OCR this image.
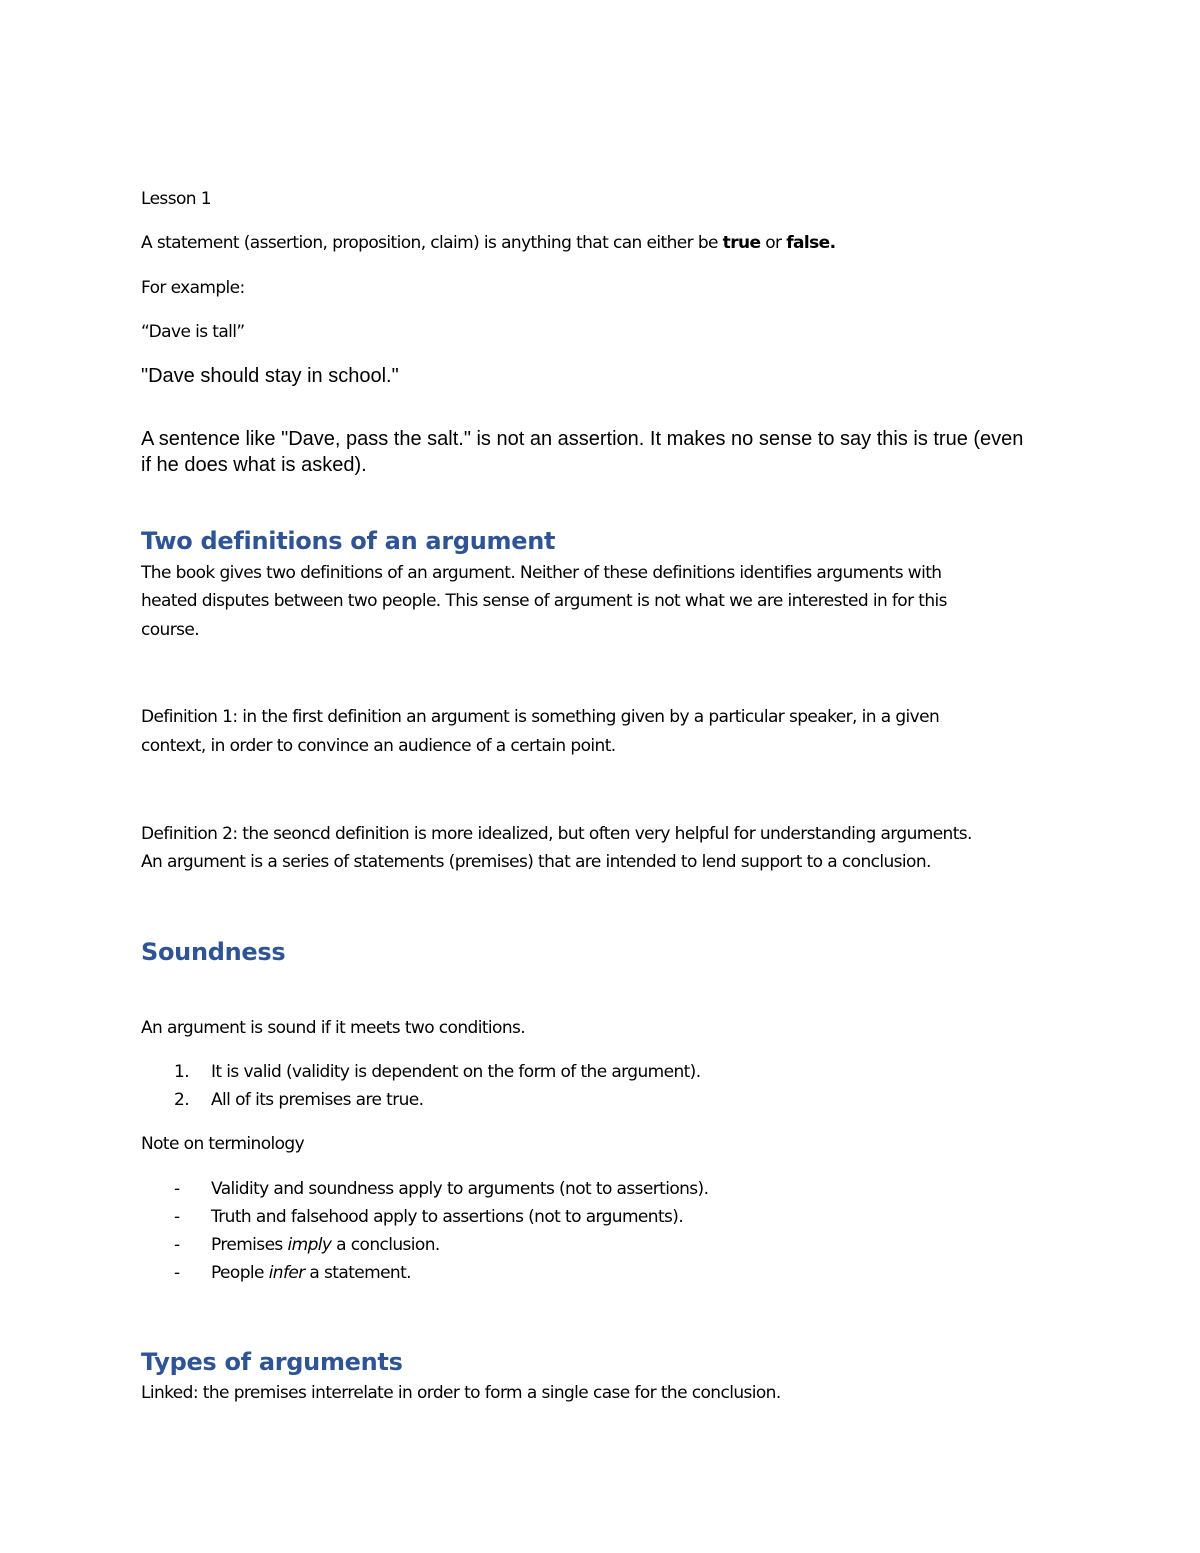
Lesson 1

A statement (assertion, proposition, claim) is anything that can either be true or false.

For example:

“Dave is tall”

"Dave should stay in school."

A sentence like "Dave, pass the salt." is not an assertion. It makes no sense to say this is true (even

if he does what is asked).

Two definitions of an argument

The book gives two definitions of an argument. Neither of these definitions identifies arguments with

heated disputes between two people. This sense of argument is not what we are interested in for this

course.

Definition 1: in the first definition an argument is something given by a particular speaker, in a given

context, in order to convince an audience of a certain point.

Definition 2: the seoncd definition is more idealized, but often very helpful for understanding arguments.

An argument is a series of statements (premises) that are intended to lend support to a conclusion.

Soundness

An argument is sound if it meets two conditions.

1. It is valid (validity is dependent on the form of the argument).

2. All of its premises are true.

Note on terminology

- Validity and soundness apply to arguments (not to assertions).

- Truth and falsehood apply to assertions (not to arguments).

- Premises imply a conclusion.

- People infer a statement.

Types of arguments

Linked: the premises interrelate in order to form a single case for the conclusion.
